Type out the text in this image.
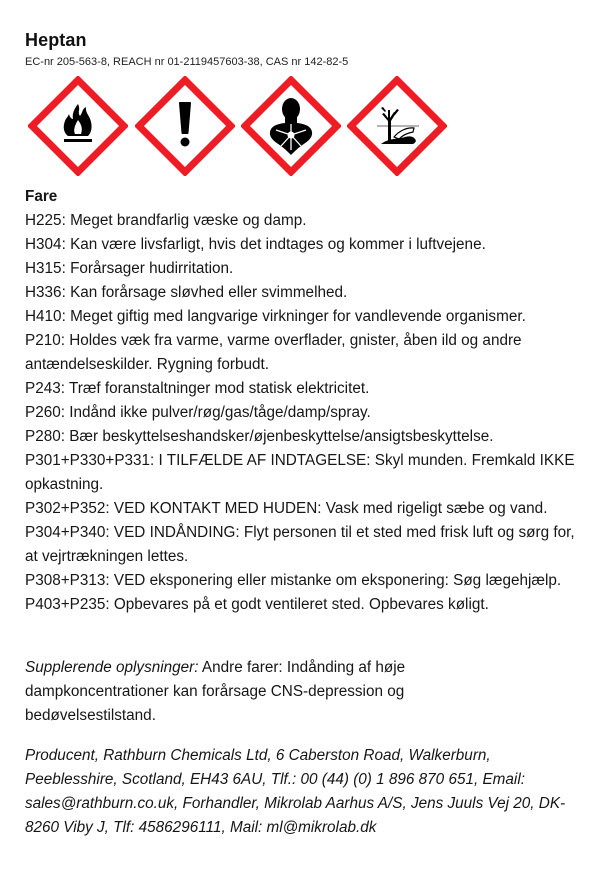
Heptan
EC-nr 205-563-8, REACH nr 01-2119457603-38, CAS nr 142-82-5
Fare
H225: Meget brandfarlig væske og damp.
H304: Kan være livsfarligt, hvis det indtages og kommer i luftvejene.
H315: Forårsager hudirritation.
H336: Kan forårsage sløvhed eller svimmelhed.
H410: Meget giftig med langvarige virkninger for vandlevende organismer.
P210: Holdes væk fra varme, varme overflader, gnister, åben ild og andre antændelseskilder. Rygning forbudt.
P243: Træf foranstaltninger mod statisk elektricitet.
P260: Indånd ikke pulver/røg/gas/tåge/damp/spray.
P280: Bær beskyttelseshandsker/øjenbeskyttelse/ansigtsbeskyttelse.
P301+P330+P331: I TILFÆLDE AF INDTAGELSE: Skyl munden. Fremkald IKKE opkastning.
P302+P352: VED KONTAKT MED HUDEN: Vask med rigeligt sæbe og vand.
P304+P340: VED INDÅNDING: Flyt personen til et sted med frisk luft og sørg for, at vejrtrækningen lettes.
P308+P313: VED eksponering eller mistanke om eksponering: Søg lægehjælp.
P403+P235: Opbevares på et godt ventileret sted. Opbevares køligt.
Supplerende oplysninger: Andre farer: Indånding af høje dampkoncentrationer kan forårsage CNS-depression og bedøvelsestilstand.
Producent, Rathburn Chemicals Ltd, 6 Caberston Road, Walkerburn, Peeblesshire, Scotland, EH43 6AU, Tlf.: 00 (44) (0) 1 896 870 651, Email: sales@rathburn.co.uk, Forhandler, Mikrolab Aarhus A/S, Jens Juuls Vej 20, DK-8260 Viby J, Tlf: 4586296111, Mail: ml@mikrolab.dk
